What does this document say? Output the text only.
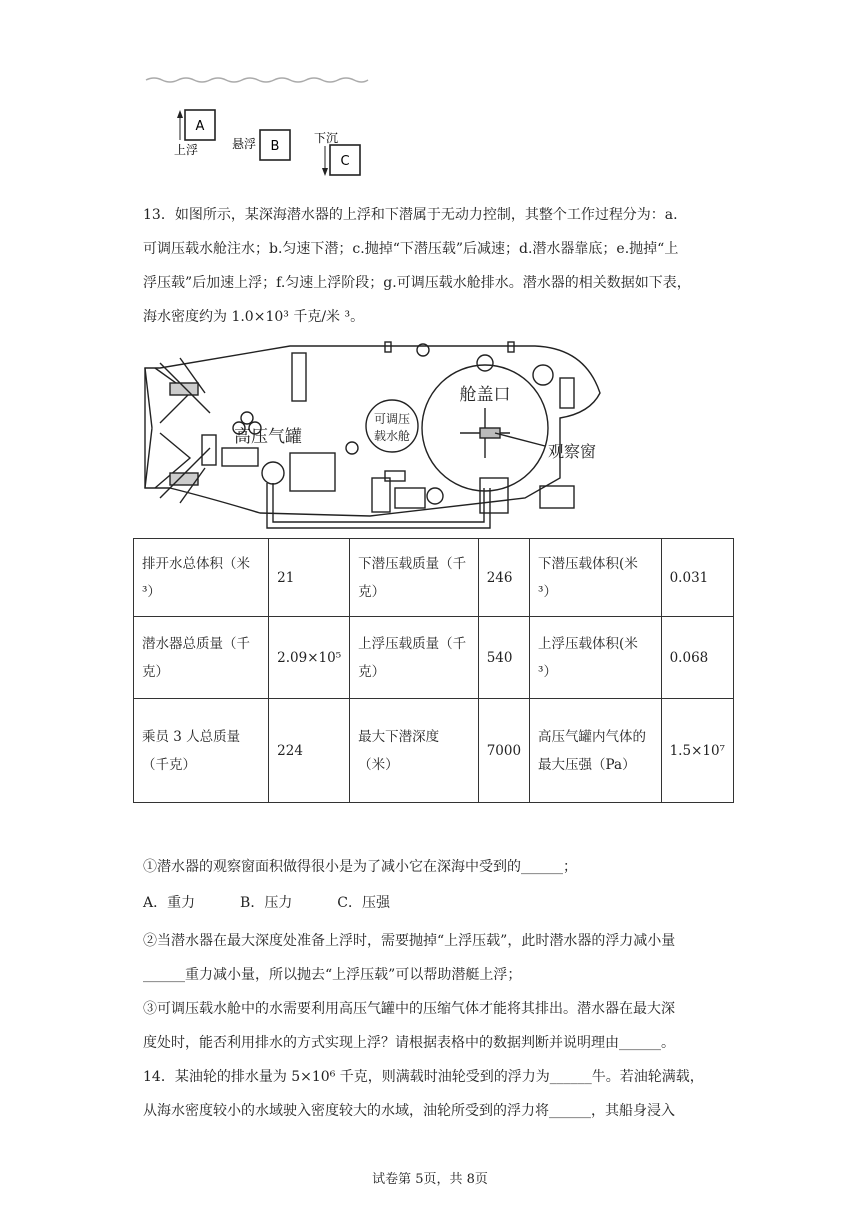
A
上浮	悬浮 B
下沉
C
13．如图所示，某深海潜水器的上浮和下潜属于无动力控制，其整个工作过程分为：a.
可调压载水舱注水；b.匀速下潜；c.抛掉“下潜压载”后减速；d.潜水器靠底；e.抛掉“上
浮压载”后加速上浮；f.匀速上浮阶段；g.可调压载水舱排水。潜水器的相关数据如下表，
海水密度约为 1.0×10³ 千克/米 ³。
高压气罐
可调压
载水舱
舱盖口
观察窗
排开水总体积（米 ³）	21	下潜压载质量（千克）	246	下潜压载体积(米 ³）	0.031
潜水器总质量（千克）	2.09×10⁵	上浮压载质量（千克）	540	上浮压载体积(米 ³）	0.068
乘员 3 人总质量（千克）	224	最大下潜深度（米）	7000	高压气罐内气体的最大压强（Pa）	1.5×10⁷
①潜水器的观察窗面积做得很小是为了减小它在深海中受到的______；
A．重力	B．压力	C．压强
②当潜水器在最大深度处准备上浮时，需要抛掉“上浮压载”，此时潜水器的浮力减小量
______重力减小量，所以抛去“上浮压载”可以帮助潜艇上浮；
③可调压载水舱中的水需要利用高压气罐中的压缩气体才能将其排出。潜水器在最大深
度处时，能否利用排水的方式实现上浮？请根据表格中的数据判断并说明理由______。
14．某油轮的排水量为 5×10⁶ 千克，则满载时油轮受到的浮力为______牛。若油轮满载，
从海水密度较小的水域驶入密度较大的水域，油轮所受到的浮力将______，其船身浸入
试卷第 5页，共 8页
